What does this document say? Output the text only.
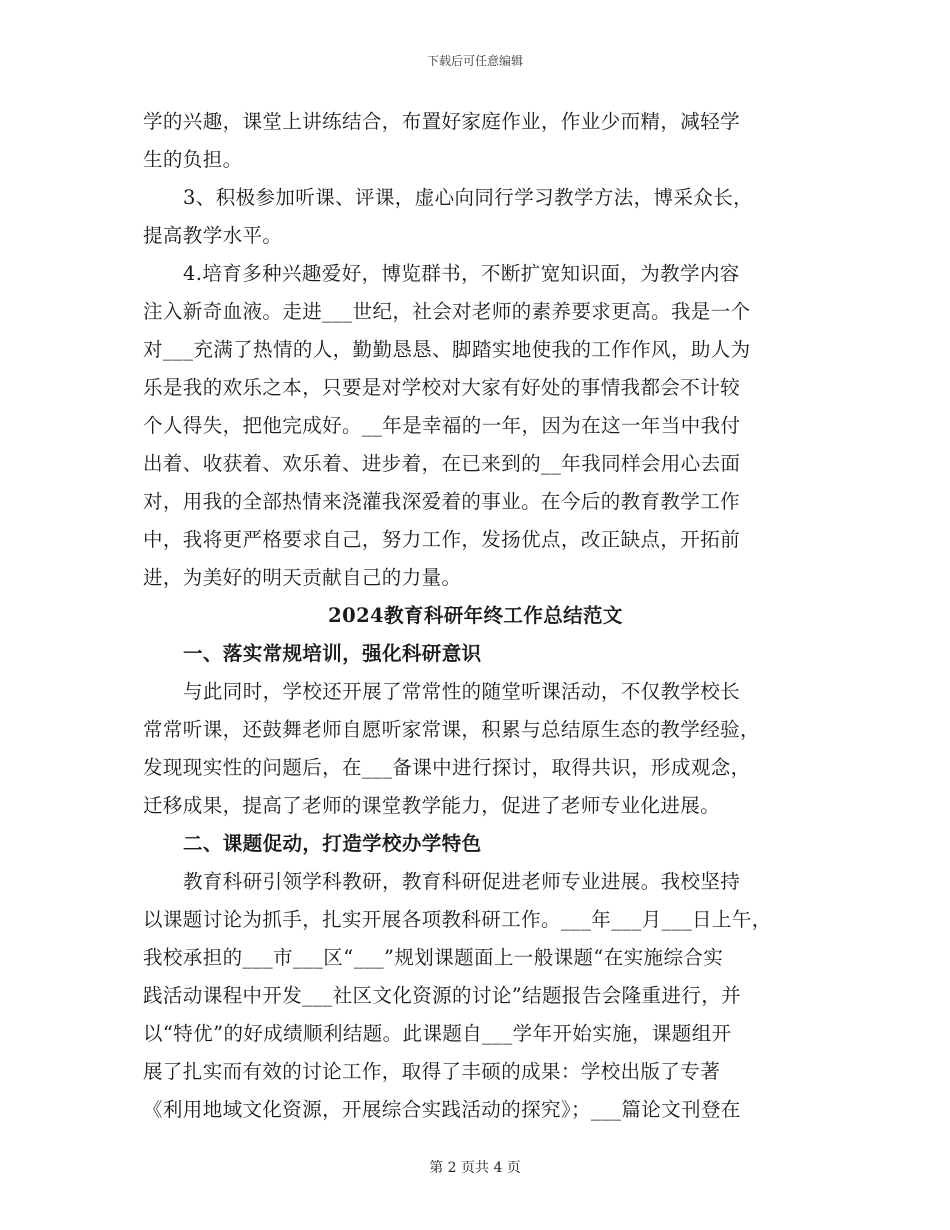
下载后可任意编辑
学的兴趣，课堂上讲练结合，布置好家庭作业，作业少而精，减轻学
生的负担。
3、积极参加听课、评课，虚心向同行学习教学方法，博采众长，
提高教学水平。
4.培育多种兴趣爱好，博览群书，不断扩宽知识面，为教学内容
注入新奇血液。走进___世纪，社会对老师的素养要求更高。我是一个
对___充满了热情的人，勤勤恳恳、脚踏实地使我的工作作风，助人为
乐是我的欢乐之本，只要是对学校对大家有好处的事情我都会不计较
个人得失，把他完成好。__年是幸福的一年，因为在这一年当中我付
出着、收获着、欢乐着、进步着，在已来到的__年我同样会用心去面
对，用我的全部热情来浇灌我深爱着的事业。在今后的教育教学工作
中，我将更严格要求自己，努力工作，发扬优点，改正缺点，开拓前
进，为美好的明天贡献自己的力量。
2024教育科研年终工作总结范文
一、落实常规培训，强化科研意识
与此同时，学校还开展了常常性的随堂听课活动，不仅教学校长
常常听课，还鼓舞老师自愿听家常课，积累与总结原生态的教学经验，
发现现实性的问题后，在___备课中进行探讨，取得共识，形成观念，
迁移成果，提高了老师的课堂教学能力，促进了老师专业化进展。
二、课题促动，打造学校办学特色
教育科研引领学科教研，教育科研促进老师专业进展。我校坚持
以课题讨论为抓手，扎实开展各项教科研工作。___年___月___日上午，
我校承担的___市___区“___”规划课题面上一般课题“在实施综合实
践活动课程中开发___社区文化资源的讨论”结题报告会隆重进行，并
以“特优”的好成绩顺利结题。此课题自___学年开始实施，课题组开
展了扎实而有效的讨论工作，取得了丰硕的成果：学校出版了专著
《利用地域文化资源，开展综合实践活动的探究》；___篇论文刊登在
第 2 页共 4 页
